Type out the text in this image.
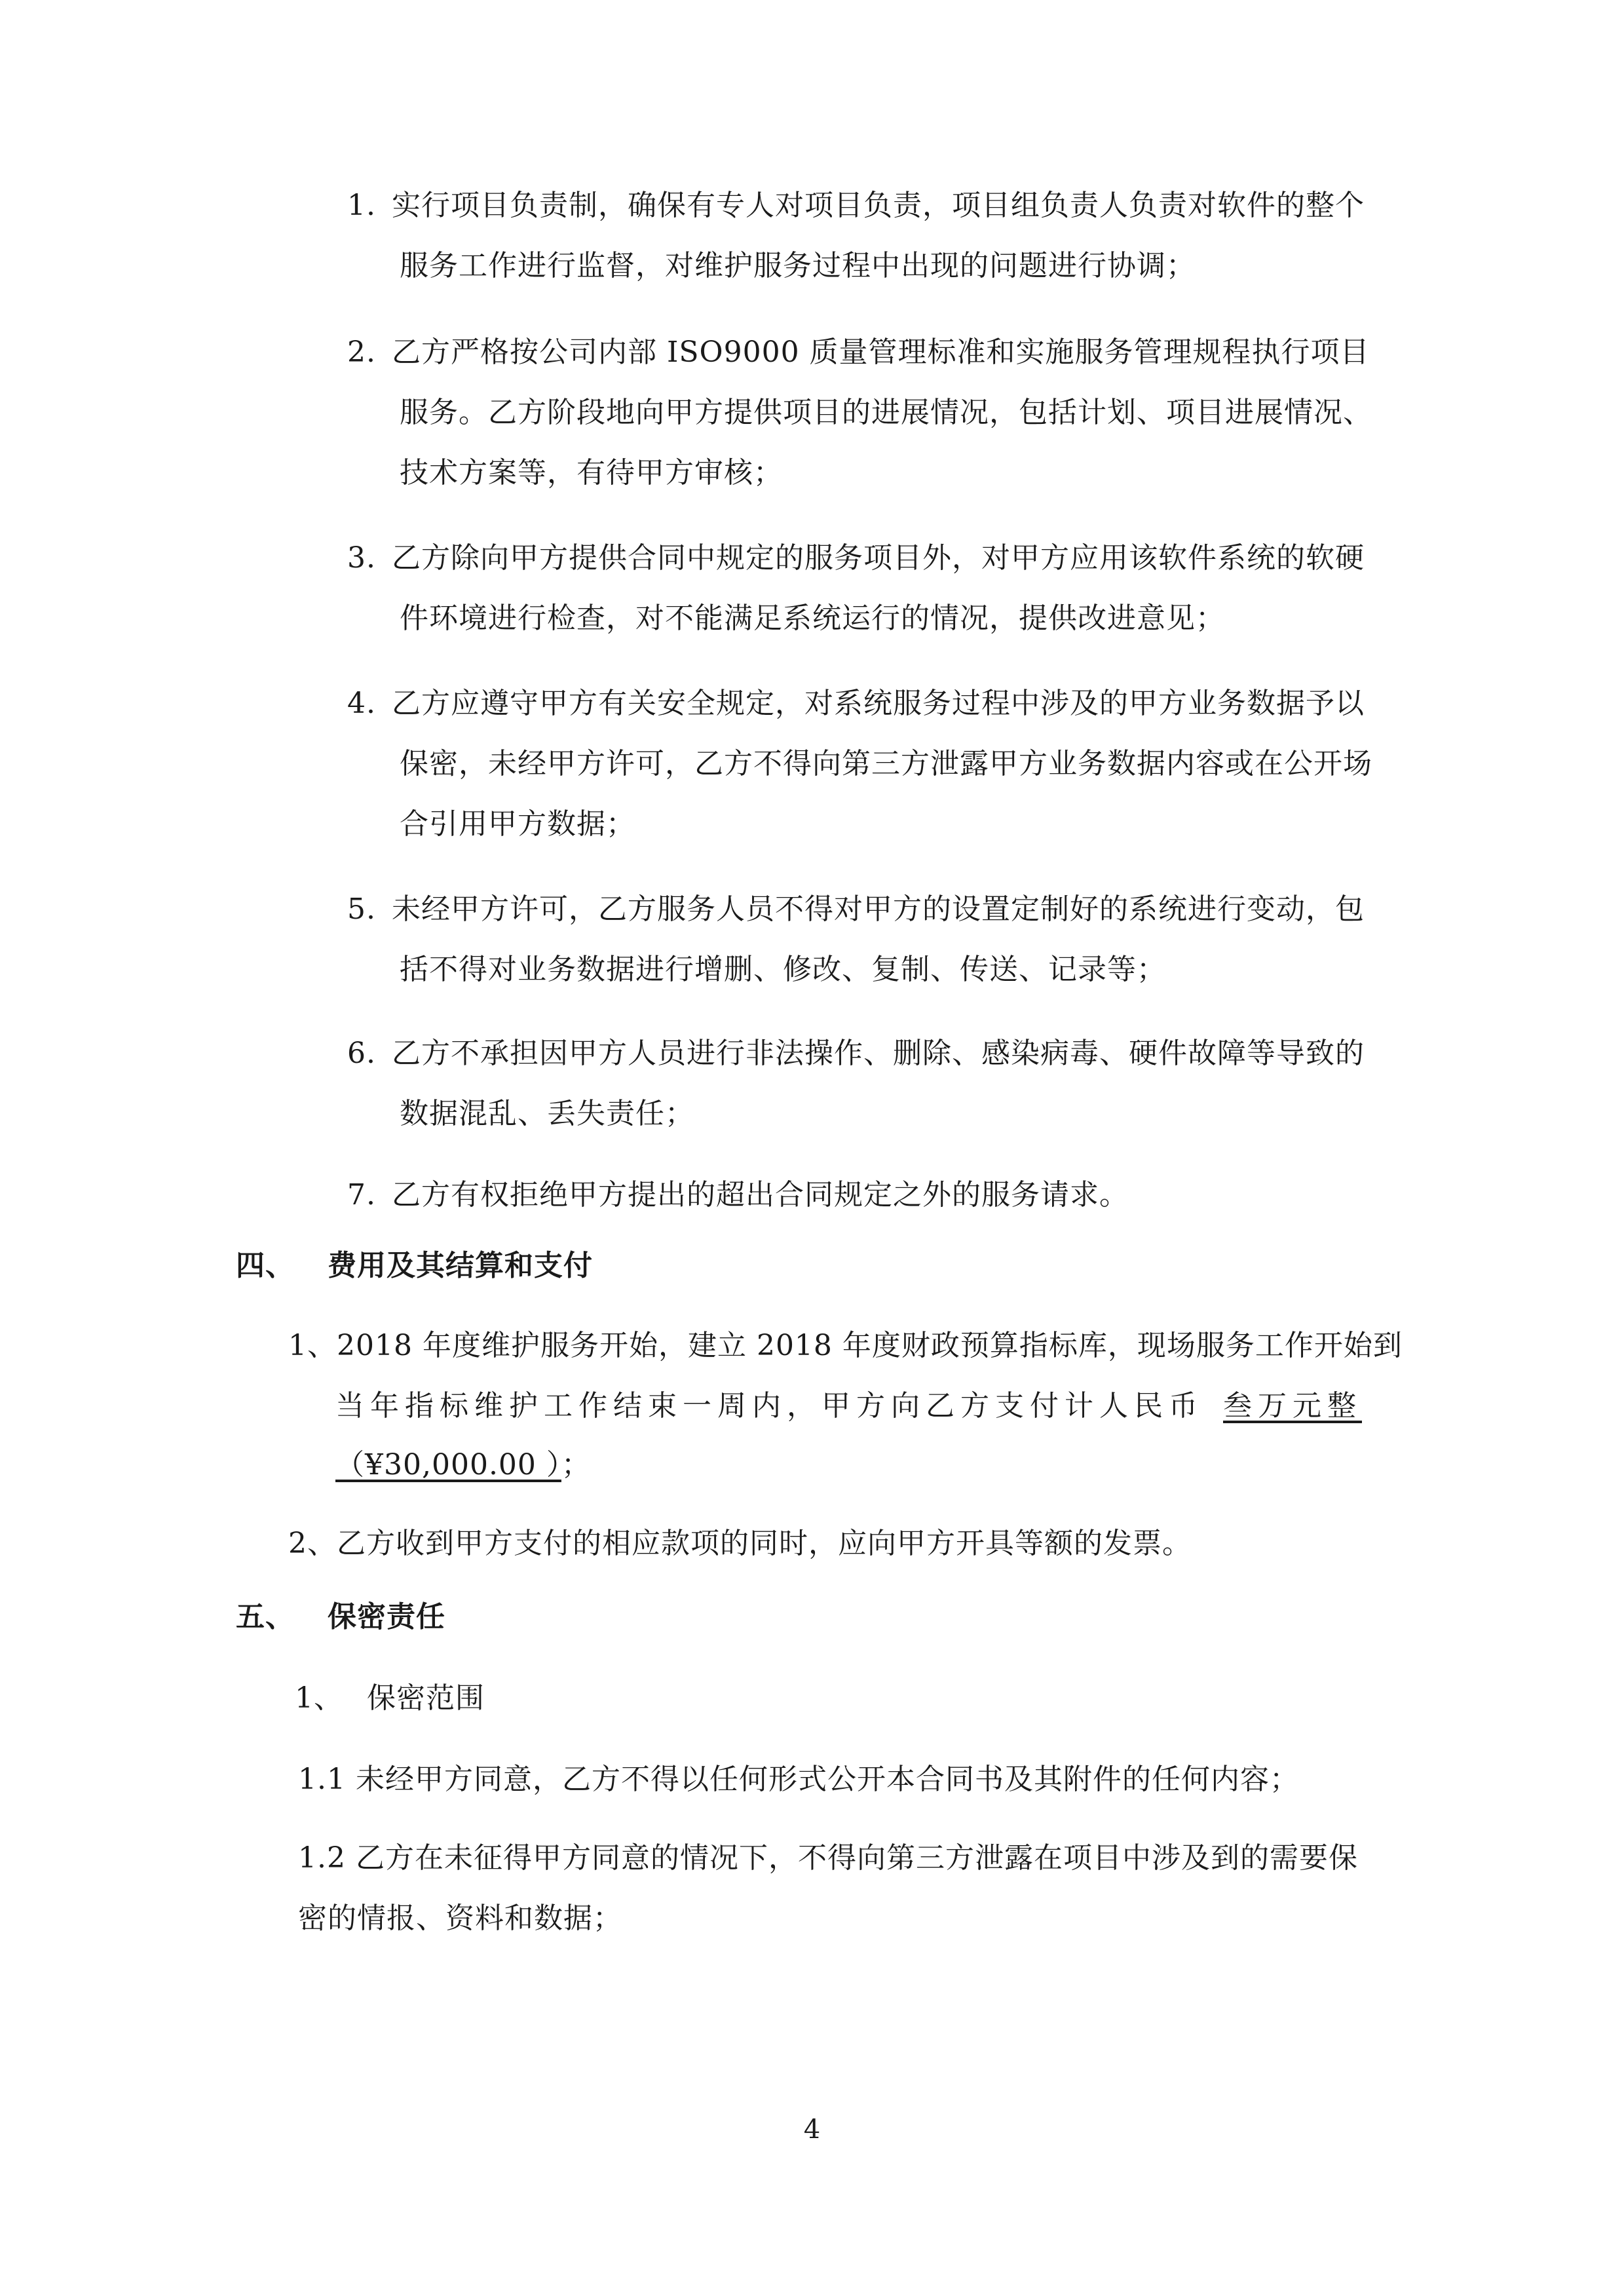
1. 实行项目负责制，确保有专人对项目负责，项目组负责人负责对软件的整个
服务工作进行监督，对维护服务过程中出现的问题进行协调；
2. 乙方严格按公司内部 ISO9000 质量管理标准和实施服务管理规程执行项目
服务。乙方阶段地向甲方提供项目的进展情况，包括计划、项目进展情况、
技术方案等，有待甲方审核；
3. 乙方除向甲方提供合同中规定的服务项目外，对甲方应用该软件系统的软硬
件环境进行检查，对不能满足系统运行的情况，提供改进意见；
4. 乙方应遵守甲方有关安全规定，对系统服务过程中涉及的甲方业务数据予以
保密，未经甲方许可，乙方不得向第三方泄露甲方业务数据内容或在公开场
合引用甲方数据；
5. 未经甲方许可，乙方服务人员不得对甲方的设置定制好的系统进行变动，包
括不得对业务数据进行增删、修改、复制、传送、记录等；
6. 乙方不承担因甲方人员进行非法操作、删除、感染病毒、硬件故障等导致的
数据混乱、丢失责任；
7. 乙方有权拒绝甲方提出的超出合同规定之外的服务请求。
四、 费用及其结算和支付
1、2018 年度维护服务开始，建立 2018 年度财政预算指标库，现场服务工作开始到
当年指标维护工作结束一周内，甲方向乙方支付计人民币 叁万元整
（¥30,000.00 ）；
2、乙方收到甲方支付的相应款项的同时，应向甲方开具等额的发票。
五、 保密责任
1、 保密范围
1.1 未经甲方同意，乙方不得以任何形式公开本合同书及其附件的任何内容；
1.2 乙方在未征得甲方同意的情况下，不得向第三方泄露在项目中涉及到的需要保
密的情报、资料和数据；
4
